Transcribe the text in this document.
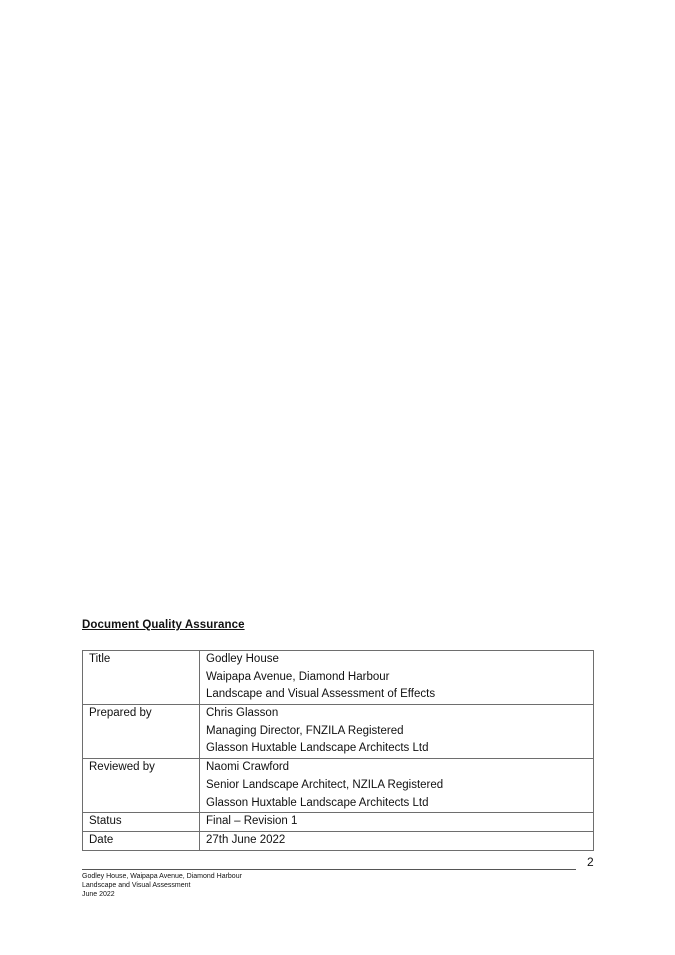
Document Quality Assurance
Title	Godley House
Waipapa Avenue, Diamond Harbour
Landscape and Visual Assessment of Effects

Prepared by	Chris Glasson
Managing Director, FNZILA Registered
Glasson Huxtable Landscape Architects Ltd

Reviewed by	Naomi Crawford
Senior Landscape Architect, NZILA Registered
Glasson Huxtable Landscape Architects Ltd

Status	Final – Revision 1

Date	27th June 2022
2
Godley House, Waipapa Avenue, Diamond Harbour
Landscape and Visual Assessment
June 2022
